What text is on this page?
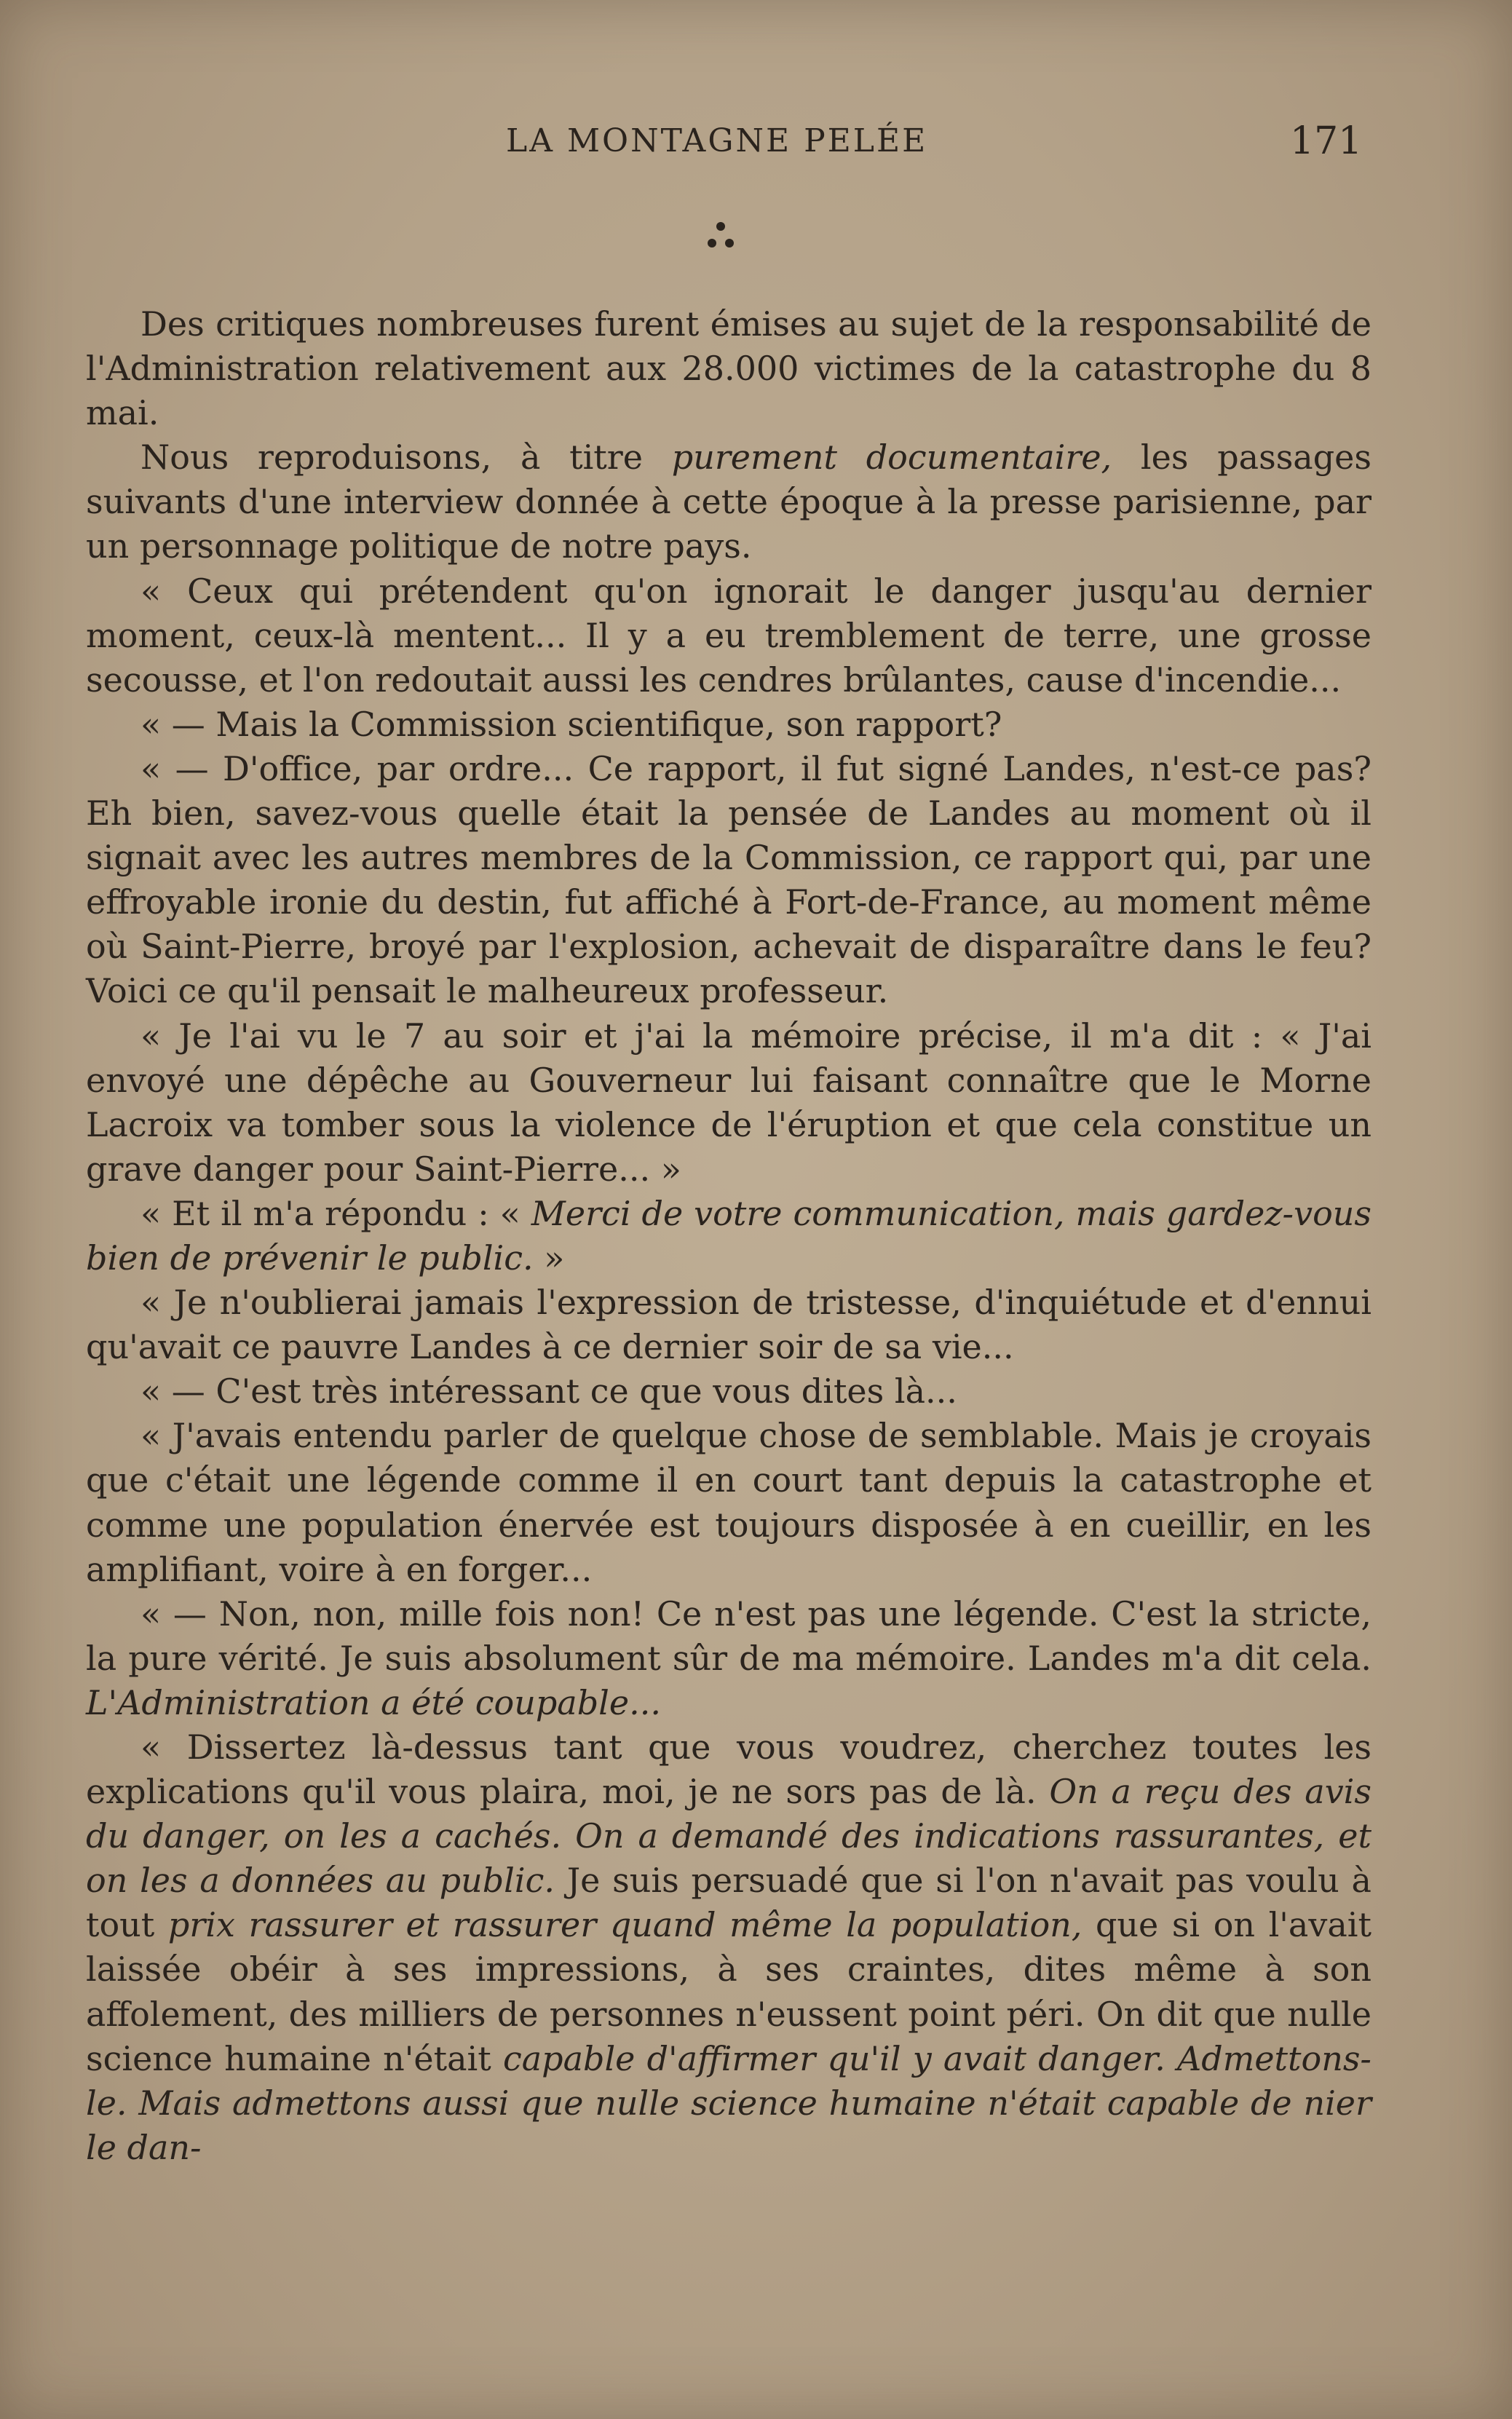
LA MONTAGNE PELÉE	171

Des critiques nombreuses furent émises au sujet de la responsabilité de l'Administration relativement aux 28.000 victimes de la catastrophe du 8 mai.

Nous reproduisons, à titre purement documentaire, les passages suivants d'une interview donnée à cette époque à la presse parisienne, par un personnage politique de notre pays.

« Ceux qui prétendent qu'on ignorait le danger jusqu'au dernier moment, ceux-là mentent... Il y a eu tremblement de terre, une grosse secousse, et l'on redoutait aussi les cendres brûlantes, cause d'incendie...

« — Mais la Commission scientifique, son rapport?

« — D'office, par ordre... Ce rapport, il fut signé Landes, n'est-ce pas? Eh bien, savez-vous quelle était la pensée de Landes au moment où il signait avec les autres membres de la Commission, ce rapport qui, par une effroyable ironie du destin, fut affiché à Fort-de-France, au moment même où Saint-Pierre, broyé par l'explosion, achevait de disparaître dans le feu? Voici ce qu'il pensait le malheureux professeur.

« Je l'ai vu le 7 au soir et j'ai la mémoire précise, il m'a dit : « J'ai envoyé une dépêche au Gouverneur lui faisant connaître que le Morne Lacroix va tomber sous la violence de l'éruption et que cela constitue un grave danger pour Saint-Pierre... »

« Et il m'a répondu : « Merci de votre communication, mais gardez-vous bien de prévenir le public. »

« Je n'oublierai jamais l'expression de tristesse, d'inquiétude et d'ennui qu'avait ce pauvre Landes à ce dernier soir de sa vie...

« — C'est très intéressant ce que vous dites là...

« J'avais entendu parler de quelque chose de semblable. Mais je croyais que c'était une légende comme il en court tant depuis la catastrophe et comme une population énervée est toujours disposée à en cueillir, en les amplifiant, voire à en forger...

« — Non, non, mille fois non! Ce n'est pas une légende. C'est la stricte, la pure vérité. Je suis absolument sûr de ma mémoire. Landes m'a dit cela. L'Administration a été coupable...

« Dissertez là-dessus tant que vous voudrez, cherchez toutes les explications qu'il vous plaira, moi, je ne sors pas de là. On a reçu des avis du danger, on les a cachés. On a demandé des indications rassurantes, et on les a données au public. Je suis persuadé que si l'on n'avait pas voulu à tout prix rassurer et rassurer quand même la population, que si on l'avait laissée obéir à ses impressions, à ses craintes, dites même à son affolement, des milliers de personnes n'eussent point péri. On dit que nulle science humaine n'était capable d'affirmer qu'il y avait danger. Admettons-le. Mais admettons aussi que nulle science humaine n'était capable de nier le dan-
